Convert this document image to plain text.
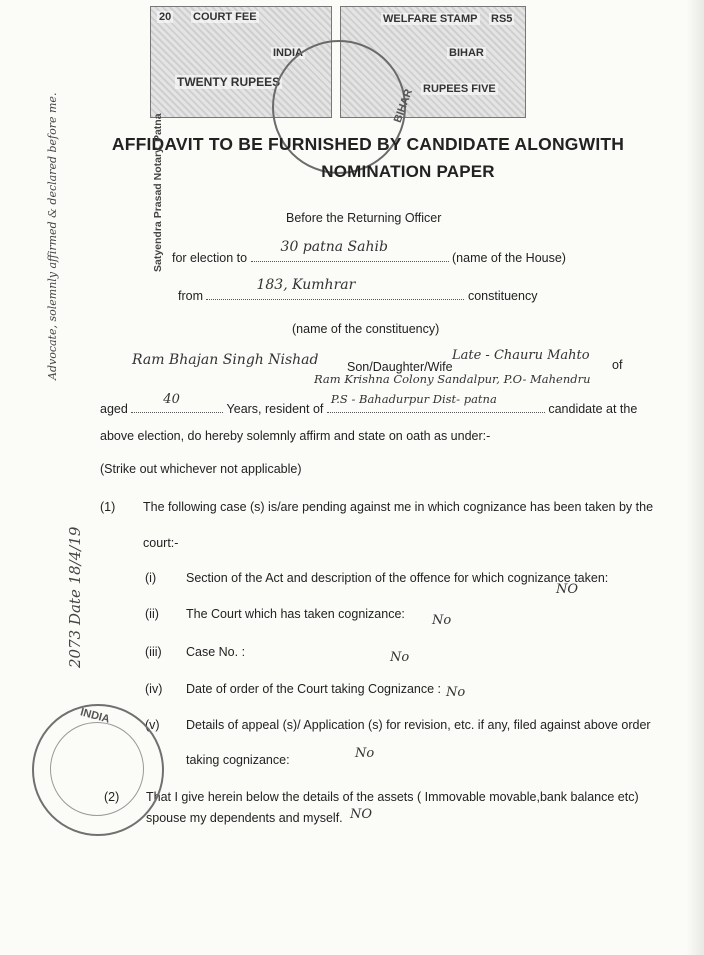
20 COURT FEE
INDIA
TWENTY RUPEES
WELFARE STAMP RS5
BIHAR
RUPEES FIVE
BIHAR
AFFIDAVIT TO BE FURNISHED BY CANDIDATE ALONGWITH
NOMINATION PAPER
Before the Returning Officer
for election to
30 patna Sahib
(name of the House)
from
183, Kumhrar
constituency
(name of the constituency)
Ram Bhajan Singh Nishad Son/Daughter/Wife
Late - Chauru Mahto
of
Ram Krishna Colony Sandalpur, P.O- Mahendru
aged
40
Years, resident of
P.S - Bahadurpur Dist- patna
candidate at the
above election, do hereby solemnly affirm and state on oath as under:-
(Strike out whichever not applicable)
(1) The following case (s) is/are pending against me in which cognizance has been taken by the
court:-
(i) Section of the Act and description of the offence for which cognizance taken:
NO
(ii) The Court which has taken cognizance: No
(iii) Case No. :	No
(iv) Date of order of the Court taking Cognizance : No
(v) Details of appeal (s)/ Application (s) for revision, etc. if any, filed against above order
taking cognizance:	No
(2) That I give herein below the details of the assets ( Immovable movable,bank balance etc)
spouse my dependents and myself. NO
Advocate, solemnly affirmed & declared before me.	Satyendra Prasad Notary, Patna
2073 Date 18/4/19
INDIA
